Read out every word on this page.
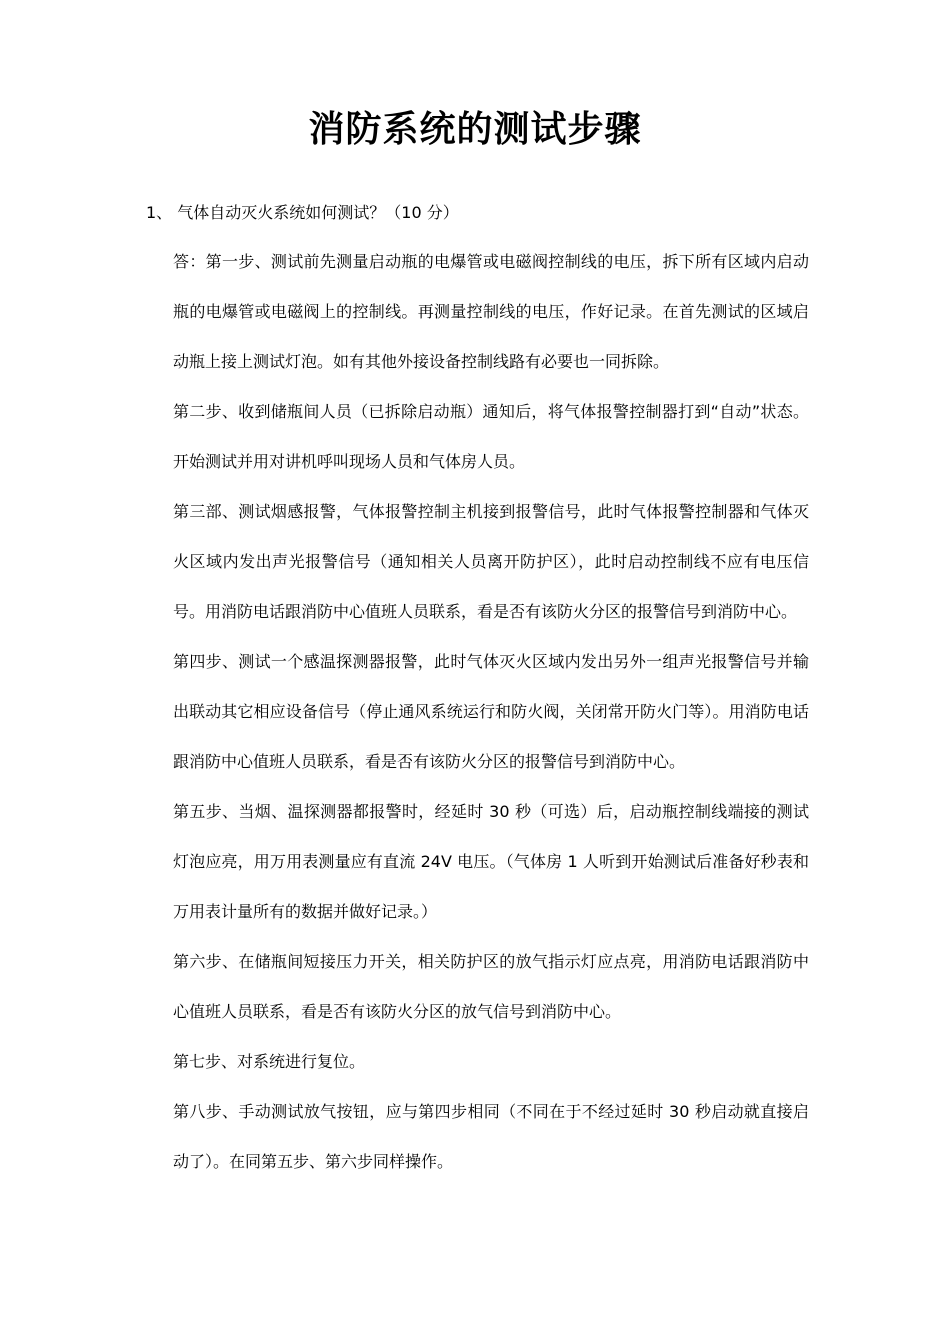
消防系统的测试步骤
1、 气体自动灭火系统如何测试？（10 分）

答：第一步、测试前先测量启动瓶的电爆管或电磁阀控制线的电压，拆下所有区域内启动瓶的电爆管或电磁阀上的控制线。再测量控制线的电压，作好记录。在首先测试的区域启动瓶上接上测试灯泡。如有其他外接设备控制线路有必要也一同拆除。

第二步、收到储瓶间人员（已拆除启动瓶）通知后，将气体报警控制器打到“自动”状态。开始测试并用对讲机呼叫现场人员和气体房人员。

第三部、测试烟感报警，气体报警控制主机接到报警信号，此时气体报警控制器和气体灭火区域内发出声光报警信号（通知相关人员离开防护区），此时启动控制线不应有电压信号。用消防电话跟消防中心值班人员联系，看是否有该防火分区的报警信号到消防中心。

第四步、测试一个感温探测器报警，此时气体灭火区域内发出另外一组声光报警信号并输出联动其它相应设备信号（停止通风系统运行和防火阀，关闭常开防火门等）。用消防电话跟消防中心值班人员联系，看是否有该防火分区的报警信号到消防中心。

第五步、当烟、温探测器都报警时，经延时 30 秒（可选）后，启动瓶控制线端接的测试灯泡应亮，用万用表测量应有直流 24V 电压。（气体房 1 人听到开始测试后准备好秒表和万用表计量所有的数据并做好记录。）

第六步、在储瓶间短接压力开关，相关防护区的放气指示灯应点亮，用消防电话跟消防中心值班人员联系，看是否有该防火分区的放气信号到消防中心。

第七步、对系统进行复位。

第八步、手动测试放气按钮，应与第四步相同（不同在于不经过延时 30 秒启动就直接启动了）。在同第五步、第六步同样操作。
